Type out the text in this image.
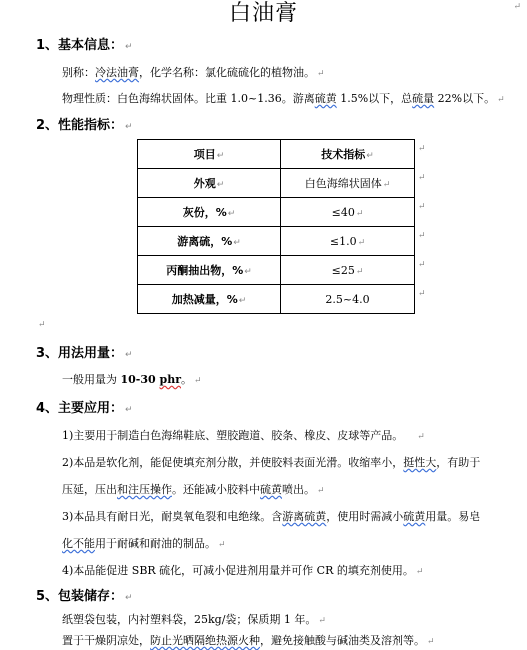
↵
白油膏
1、基本信息： ↵
别称：冷法油膏，化学名称：氯化硫硫化的植物油。 ↵
物理性质：白色海绵状固体。比重 1.0~1.36。游离硫黄 1.5%以下，总硫量 22%以下。 ↵
2、性能指标： ↵
项目↵	技术指标↵
外观↵	白色海绵状固体↵
灰份，%↵	≤40↵
游离硫，%↵	≤1.0↵
丙酮抽出物，%↵	≤25↵
加热减量，%↵	2.5~4.0
↵
↵
↵
↵
↵
↵
↵
3、用法用量： ↵
一般用量为 10-30 phr。 ↵
4、主要应用： ↵
1)主要用于制造白色海绵鞋底、塑胶跑道、胶条、橡皮、皮球等产品。 ↵
2)本品是软化剂，能促使填充剂分散，并使胶料表面光滑。收缩率小，挺性大，有助于
压延，压出和注压操作。还能减小胶料中硫黄喷出。 ↵
3)本品具有耐日光，耐臭氧龟裂和电绝缘。含游离硫黄，使用时需减小硫黄用量。易皂
化不能用于耐碱和耐油的制品。 ↵
4)本品能促进 SBR 硫化，可减小促进剂用量并可作 CR 的填充剂使用。 ↵
5、包装储存： ↵
纸塑袋包装，内衬塑料袋，25kg/袋；保质期 1 年。 ↵
置于干燥阴凉处，防止光晒隔绝热源火种，避免接触酸与碱油类及溶剂等。 ↵
